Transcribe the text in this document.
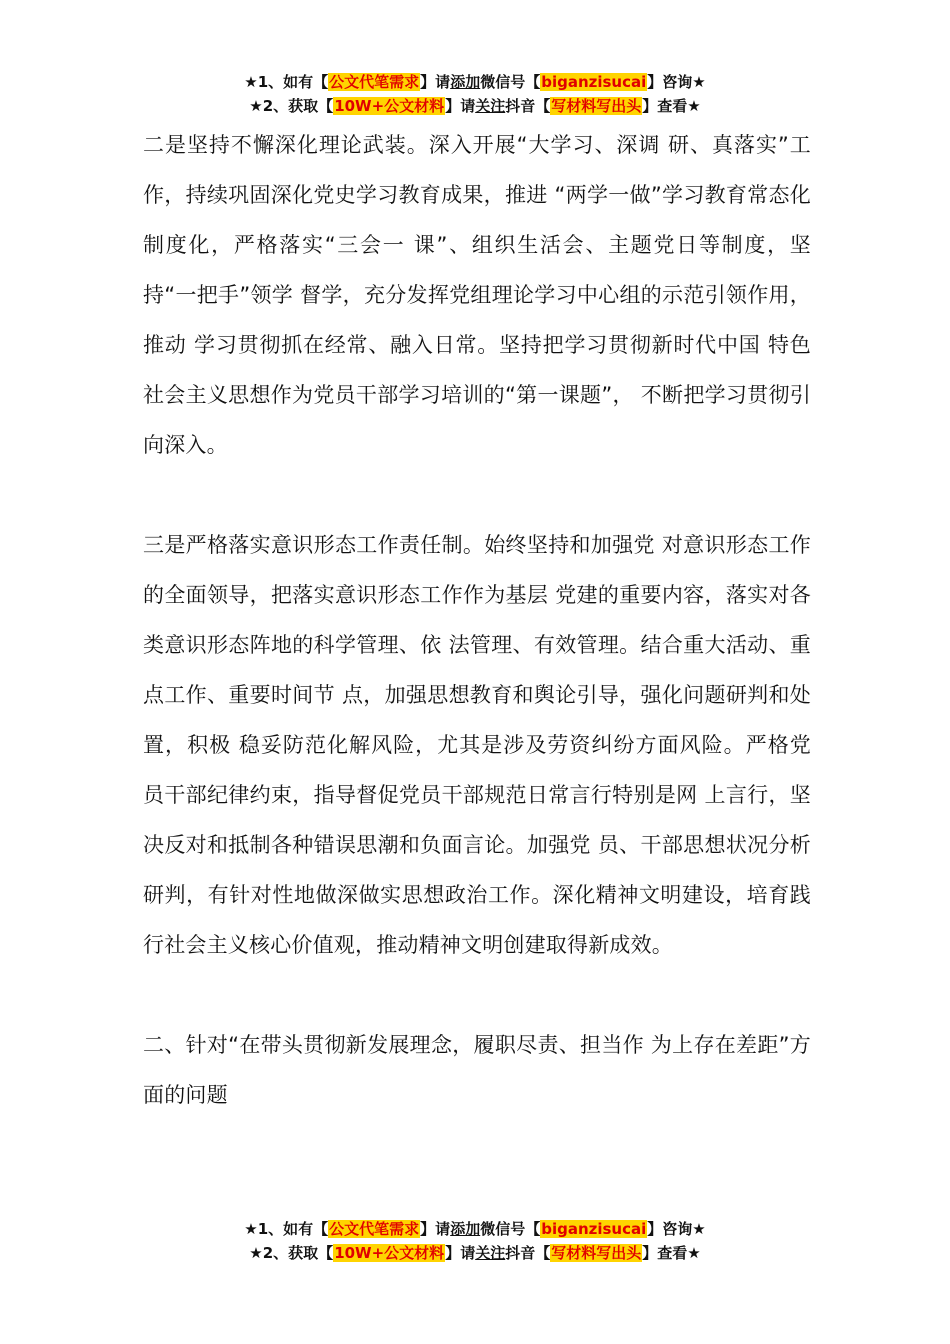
★1、如有【公文代笔需求】请添加微信号【biganzisucai】咨询★
★2、获取【10W+公文材料】请关注抖音【写材料写出头】查看★

二是坚持不懈深化理论武装。深入开展“大学习、深调 研、真落实”工作，持续巩固深化党史学习教育成果，推进 “两学一做”学习教育常态化制度化，严格落实“三会一 课”、组织生活会、主题党日等制度，坚持“一把手”领学 督学，充分发挥党组理论学习中心组的示范引领作用，推动 学习贯彻抓在经常、融入日常。坚持把学习贯彻新时代中国 特色社会主义思想作为党员干部学习培训的“第一课题”， 不断把学习贯彻引向深入。

三是严格落实意识形态工作责任制。始终坚持和加强党 对意识形态工作的全面领导，把落实意识形态工作作为基层 党建的重要内容，落实对各类意识形态阵地的科学管理、依 法管理、有效管理。结合重大活动、重点工作、重要时间节 点，加强思想教育和舆论引导，强化问题研判和处置，积极 稳妥防范化解风险，尤其是涉及劳资纠纷方面风险。严格党 员干部纪律约束，指导督促党员干部规范日常言行特别是网 上言行，坚决反对和抵制各种错误思潮和负面言论。加强党 员、干部思想状况分析研判，有针对性地做深做实思想政治工作。深化精神文明建设，培育践行社会主义核心价值观，推动精神文明创建取得新成效。

二、针对“在带头贯彻新发展理念，履职尽责、担当作 为上存在差距”方面的问题

★1、如有【公文代笔需求】请添加微信号【biganzisucai】咨询★
★2、获取【10W+公文材料】请关注抖音【写材料写出头】查看★
